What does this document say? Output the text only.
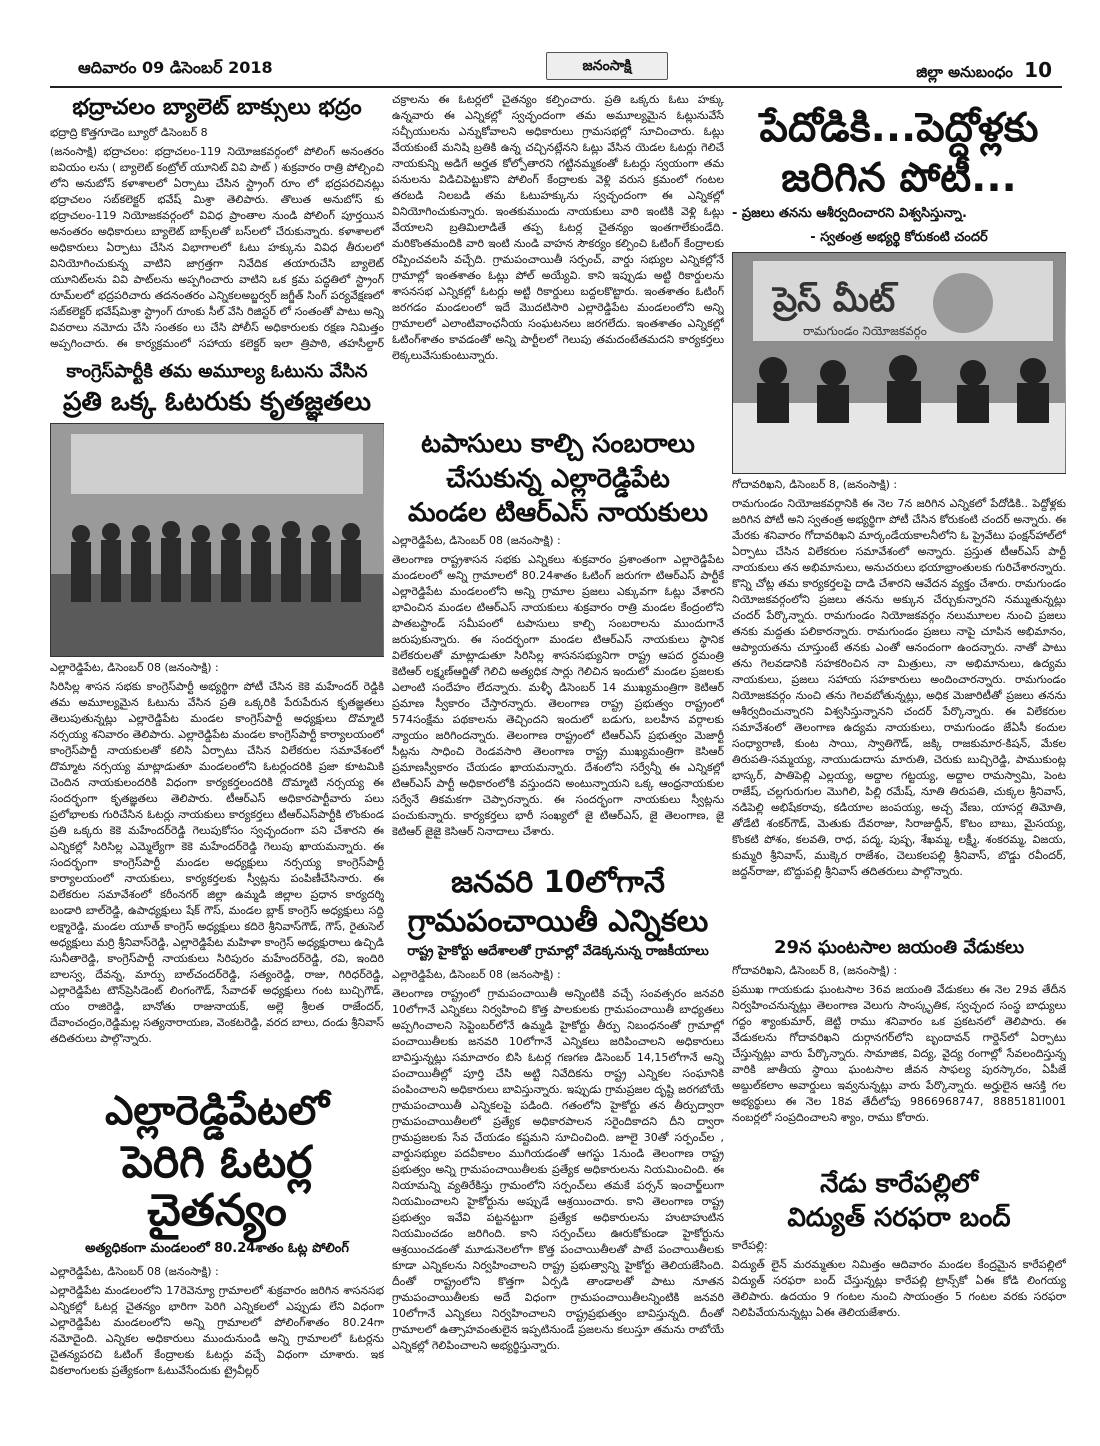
ఆదివారం 09 డిసెంబర్ 2018	జనంసాక్షి	జిల్లా అనుబంధం 10
భద్రాచలం బ్యాలెట్ బాక్సులు భద్రం
భద్రాద్రి కొత్తగూడెం బ్యూరో డిసెంబర్ 8

(జనంసాక్షి) భద్రాచలం: భద్రాచలం-119 నియోజకవర్గంలో పోలింగ్ అనంతరం ఐవియం లను ( బ్యాలెట్ కంట్రోల్ యూనిట్ వివి పాట్ ) శుక్రవారం రాత్రి పోల్చించి లోని అనుబోస్ కళాశాలలో ఏర్పాటు చేసిన స్ట్రాంగ్ రూం లో భద్రపరచినట్లు భద్రాచలం సబ్‌కలెక్టర్ భవేష్ మిశ్రా తెలిపారు. తొలుత అనుబోస్ కు భద్రాచలం-119 నియోజకవర్గంలో వివిధ ప్రాంతాల నుండి పోలింగ్ పూర్తయిన అనంతరం అధికారులు బ్యాలెట్ బాక్స్‌లతో బస్‌లలో చేరుకున్నారు. కళాశాలలో అధికారులు ఏర్పాటు చేసిన విభాగాలలో ఓటు హక్కును వివిధ తీరులలో వినియోగించుకున్న వాటిని జాగ్రత్తగా నివేదిక తయారుచేసి బ్యాలెట్ యూనిట్‌లను వివి పాట్‌లను అప్పగించారు వాటిని ఒక క్రమ పద్ధతిలో స్ట్రాంగ్ రూమ్‌లలో భద్రపరిచారు తదనంతరం ఎన్నికలఅబ్జర్వర్ జగ్జీత్ సింగ్ పర్యవేక్షణలో సబ్‌కలెక్టర్ భవేష్‌మిశ్రా స్ట్రాంగ్ రూంకు సీల్ వేసి రిజిస్టర్ లో సంతంతో పాటు అన్ని వివరాలు నమోదు చేసి సంతకం లు చేసి పోలీస్ అధికారులకు రక్షణ నిమిత్తం అప్పగించారు. ఈ కార్యక్రమంలో సహాయ కలెక్టర్ ఇలా త్రిపాఠి, తహసీల్దార్

కాంగ్రెస్‌పార్టీకి తమ అమూల్య ఓటును వేసిన
ప్రతి ఒక్క ఓటరుకు కృతజ్ఞతలు
ఎల్లారెడ్డిపేట, డిసెంబర్ 08 (జనంసాక్షి) :

సిరిసిల్ల శాసన సభకు కాంగ్రెస్‌పార్టీ అభ్యర్థిగా పోటీ చేసిన కెకె మహేందర్ రెడ్డికి తమ అమూల్యమైన ఓటును వేసిన ప్రతి ఒక్కరికి పేరుపేరున కృతజ్ఞతలు తెలుపుతున్నట్లు ఎల్లారెడ్డిపేట మండల కాంగ్రెస్‌పార్టీ అధ్యక్షులు దొమ్మాటి నర్సయ్య శనివారం తెలిపారు. ఎల్లారెడ్డిపేట మండల కాంగ్రెస్‌పార్టీ కార్యాలయంలో కాంగ్రెస్‌పార్టీ నాయకులతో కలిసి ఏర్పాటు చేసిన విలేకరుల సమావేశంలో దొమ్మాట నర్సయ్య మాట్లాడుతూ మండలంలోని ఓటర్లందరికి ప్రజా కూటమికి చెందిన నాయకులందరికి విధంగా కార్యకర్తలందరికి దొమ్మాటి నర్సయ్య ఈ సందర్భంగా కృతజ్ఞతలు తెలిపారు. టీఆర్‌ఎస్ అధికారపార్టీవారు పలు ప్రలోభాలకు గురిచేసిన ఓటర్లు నాయకులు కార్యకర్తలు టీఆర్‌ఎస్‌పార్టీకి లొంకుండ ప్రతి ఒక్కరు కెకె మహేందర్‌రెడ్డి గెలుపుకోసం స్వచ్ఛందంగా పని చేశారని ఈ ఎన్నికల్లో సిరిసిల్ల ఎమ్మెల్యేగా కెకె మహేందర్‌రెడ్డి గెలుపు ఖాయమన్నారు. ఈ సందర్భంగా కాంగ్రెస్‌పార్టీ మండల అధ్యక్షులు నర్సయ్య కాంగ్రెస్‌పార్టీ కార్యాలయంలో నాయకులు, కార్యకర్తలకు స్వీట్లను పంపిణీచేసినారు. ఈ విలేకరుల సమావేశంలో కరీంనగర్ జిల్లా ఉమ్మడి జిల్లాల ప్రధాన కార్యదర్శి బండారి బాల్‌రెడ్డి, ఉపాధ్యక్షులు షేక్ గౌస్, మండల బ్లాక్ కాంగ్రెస్ అధ్యక్షులు సద్ది లక్ష్మారెడ్డి, మండల యూత్ కాంగ్రెస్ అధ్యక్షులు కదిరె శ్రీనివాస్‌గౌడ్, గౌస్, రైతుసెల్ అధ్యక్షులు మర్రి శ్రీనివాస్‌రెడ్డి, ఎల్లారెడ్డిపేట మహిళా కాంగ్రెస్ అధ్యక్షురాలు ఉచ్చిడి సునీతారెడ్డి, కాంగ్రెస్‌పార్టీ నాయకులు సిరిపురం మహేందర్‌రెడ్డి, రవి, ఇందిరి బాలస్వ, దేవన్న, మార్పు బాల్‌చందర్‌రెడ్డి, సత్యంరెడ్డి, రాజు, గిరిధర్‌రెడ్డి, ఎల్లారెడ్డిపేట టౌన్‌ప్రెసిడెంట్ లింగంగౌడ్, సేవాదళ్ అధ్యక్షులు గంట బుచ్చిగౌడ్, యం రాజిరెడ్డి, బానోతు రాజునాయక్, అల్లె శ్రీలత రాజేందర్, దేవాంచంద్రం,రెడ్డిమల్ల సత్యనారాయణ, వెంకటరెడ్డి, వరద బాలు, దండు శ్రీనివాస్ తదితరులు పాల్గొన్నారు.

ఎల్లారెడ్డిపేటలో
పెరిగి ఓటర్ల చైతన్యం
అత్యధికంగా మండలంలో 80.24శాతం ఓట్ల పోలింగ్
ఎల్లారెడ్డిపేట, డిసెంబర్ 08 (జనంసాక్షి) :

ఎల్లారెడ్డిపేట మండలంలోని 17రెవెన్యూ గ్రామాలలో శుక్రవారం జరిగిన శాసనసభ ఎన్నికల్లో ఓటర్ల చైతన్యం భారిగా పెరిగి ఎన్నికలలో ఎప్పుడు లేని విధంగా ఎల్లారెడ్డిపేట మండలంలోని అన్ని గ్రామాలలో పోలింగ్‌శాతం 80.24గా నమోదైంది. ఎన్నికల అధికారులు ముందునుండి అన్ని గ్రామాలలో ఓటర్లను చైతన్యపరచి ఓటింగ్ కేంద్రాలకు ఓటర్లు వచ్చే విధంగా చూశారు. ఇక వికలాంగులకు ప్రత్యేకంగా ఓటువేసేందుకు ట్రైవీల్లర్

చక్రాలను ఈ ఓటర్లలో చైతన్యం కల్పించారు. ప్రతి ఒక్కరు ఓటు హక్కు ఉన్నవారు ఈ ఎన్నికల్లో స్వచ్ఛందంగా తమ అమూల్యమైన ఓట్లునువేసే సచ్చీయులను ఎన్నుకోవాలని అధికారులు గ్రామసభల్లో సూచించారు. ఓట్లు వేయకుంటే మనిషి బ్రతికి ఉన్న చచ్చినట్లేనని ఓట్లు వేసిన యెడల ఓటర్లు గెలిచే నాయకున్ని అడిగే అర్హత కోల్పోతారని గట్టినమ్మకంతో ఓటర్లు స్వయంగా తమ పనులను విడిచిపెట్టుకొని పోలింగ్ కేంద్రాలకు వెళ్లి వరుస క్రమంలో గంటల తరబడి నిలబడి తమ ఓటుహక్కును స్వచ్ఛందంగా ఈ ఎన్నికల్లో వినియోగించుకున్నారు. ఇంతకుముందు నాయకులు వారి ఇంటికి వెళ్లి ఓట్లు వేయాలని బ్రతిమిలాడితే తప్ప ఓటర్ల చైతన్యం ఇంతగాలేకుండేది. మరికొంతమందికి వారి ఇంటి నుండి వాహన సౌకర్యం కల్పించి ఓటింగ్ కేంద్రాలకు రప్పించవలసి వచ్చేది. గ్రామపంచాయితీ సర్పంచ్, వార్డు సభ్యుల ఎన్నికల్లోనే గ్రామాల్లో ఇంతశాతం ఓట్లు పోల్ అయ్యేవి. కాని ఇప్పుడు అట్టి రికార్డులను శాసనసభ ఎన్నికల్లో ఓటర్లు అట్టి రికార్డులు బద్దలకొట్టారు. ఇంతశాతం ఓటింగ్ జరగడం మండలంలో ఇదే మొదటిసారి ఎల్లారెడ్డిపేట మండలంలోని అన్ని గ్రామాలలో ఎలాంటివాంఛనీయ సంఘటనలు జరగలేదు. ఇంతశాతం ఎన్నికల్లో ఓటింగ్‌శాతం కావడంతో అన్ని పార్టీలలో గెలుపు తమదంటేతమదని కార్యకర్తలు లెక్కలువేసుకుంటున్నారు.

టపాసులు కాల్చి సంబరాలు
చేసుకున్న ఎల్లారెడ్డిపేట
మండల టిఆర్ఎస్ నాయకులు
ఎల్లారెడ్డిపేట, డిసెంబర్ 08 (జనంసాక్షి) :

తెలంగాణ రాష్ట్రశాసన సభకు ఎన్నికలు శుక్రవారం ప్రశాంతంగా ఎల్లారెడ్డిపేట మండలంలో అన్ని గ్రామాలలో 80.24శాతం ఓటింగ్ జరుగగా టిఆర్‌ఎస్ పార్టీకే ఎల్లారెడ్డిపేట మండలంలోని అన్ని గ్రామాల ప్రజలు ఎక్కువగా ఓట్లు వేశారని భావించిన మండల టిఆర్‌ఎస్ నాయకులు శుక్రవారం రాత్రి మండల కేంద్రంలోని పాతబస్టాండ్ సమీపంలో టపాసులు కాల్చి సంబరాలను ముందుగానే జరుపుకున్నారు. ఈ సందర్భంగా మండల టిఆర్‌ఎస్ నాయకులు స్థానిక విలేకరులతో మాట్లాడుతూ సిరిసిల్ల శాసనసభ్యునిగా రాష్ట్ర ఆపద ర్ధమంత్రి కెటిఆర్ లక్ష్మణ్‌ఆర్జితో గెలిచి అత్యధిక సార్లు గెలిచిన ఇందులో మండల ప్రజలకు ఎలాంటి సందేహం లేదన్నారు. మళ్ళీ డిసెంబర్ 14 ముఖ్యమంత్రిగా కెటిఆర్ ప్రమాణ స్వీకారం చేస్తారన్నారు. తెలంగాణ రాష్ట్ర ప్రభుత్వం రాష్ట్రంలో 574సంక్షేమ పథకాలను తెచ్చిందని ఇందులో బడుగు, బలహీన వర్గాలకు న్యాయం జరిగిందన్నారు. తెలంగాణ రాష్ట్రంలో టిఆర్‌ఎస్ ప్రభుత్వం మెజార్టీ సీట్లను సాధించి రెండవసారి తెలంగాణ రాష్ట్ర ముఖ్యమంత్రిగా కెసిఆర్ ప్రమాణస్వీకారం చేయడం ఖాయమన్నారు. దేశంలోని సర్వేన్నీ ఈ ఎన్నికల్లో టిఆర్‌ఎస్ పార్టీ అధికారంలోకి వస్తుందని అంటున్నాయని ఒక్క ఆంధ్రనాయకుల సర్వేనే తికమకగా చెప్పారన్నారు. ఈ సందర్భంగా నాయకులు స్వీట్లను పంచుకున్నారు. కార్యకర్తలు భారీ సంఖ్యలో జై టిఆర్‌ఎస్, జై తెలంగాణ, జై కెటిఆర్ జైజై కెసిఆర్ నినాదాలు చేశారు.

జనవరి 10లోగానే
గ్రామపంచాయితీ ఎన్నికలు
రాష్ట్ర హైకోర్టు ఆదేశాలతో గ్రామాల్లో వేడెక్కనున్న రాజకీయాలు
ఎల్లారెడ్డిపేట, డిసెంబర్ 08 (జనంసాక్షి) :

తెలంగాణ రాష్ట్రంలో గ్రామపంచాయితీ అన్నింటికి వచ్చే సంవత్సరం జనవరి 10లోగానే ఎన్నికలు నిర్వహించి కొత్త పాలకులకు గ్రామపంచాయితీ బాధ్యతలు అప్పగించాలని సెప్టెంబర్‌లోనే ఉమ్మడి హైకోర్టు తీర్పు నిబంధనంతో గ్రామాల్లో పంచాయితీలకు జనవరి 10లోగానే ఎన్నికలు జరిపించాలని అధికారులు బావిస్తున్నట్లు సమాచారం బిసి ఓటర్ల గణగణ డిసెంబర్ 14,15లోగానే అన్ని పంచాయితీల్లో పూర్తి చేసి అట్టి నివేదికను రాష్ట్ర ఎన్నికల సంఘానికి పంపించాలని అధికారులు బావిస్తున్నారు. ఇప్పుడు గ్రామప్రజల దృష్టి జరగబోయే గ్రామపంచాయితీ ఎన్నికలపై పడింది. గతంలోని హైకోర్టు తన తీర్పుద్వారా గ్రామపంచాయితీలలో ప్రత్యేక అధికారపాలన సరైందికాదని దీని ద్వారా గ్రామప్రజలకు సేవ చేయడం కష్టమని సూచించింది. జూలై 30తో సర్పంచ్‌ల , వార్డుసభ్యుల పదవీకాలం ముగియడంతో ఆగస్టు 1నుండి తెలంగాణ రాష్ట్ర ప్రభుత్వం అన్ని గ్రామపంచాయితీలకు ప్రత్యేక అధికారులను నియమించింది. ఈ నియామన్ని వ్యతిరేకిస్తు గ్రామంలోని సర్పంచ్‌లు తమకే పర్సన్ ఇంచార్జ్‌లుగా నియమించాలని హైకోర్టును అప్పుడే ఆశ్రయించారు. కాని తెలంగాణ రాష్ట్ర ప్రభుత్వం ఇవేవి పట్టనట్టుగా ప్రత్యేక అధికారులను హుటాహుటిన నియమించడం జరిగింది. కాని సర్పంచ్‌లు ఊరుకోకుండా హైకోర్టును ఆశ్రయించడంతో మూడునెలలోగా కొత్త పంచాయితీలతో పాటే పంచాయితీలకు కూడా ఎన్నికలను నిర్వహించాలని రాష్ట్ర ప్రభుత్వాన్ని హైకోర్టు తెలియజేసింది. దీంతో రాష్ట్రంలోని కొత్తగా ఏర్పడి తాండాలతో పాటు నూతన గ్రామపంచాయితీలకు అదే విధంగా గ్రామపంచాయితీలన్నింటికి జనవరి 10లోగానే ఎన్నికలు నిర్వహించాలని రాష్ట్రప్రభుత్వం బావిస్తున్నది. దీంతో గ్రామాలలో ఉత్సాహవంతులైన ఇప్పటినుండే ప్రజలను కలుస్తూ తమను రాబోయే ఎన్నికల్లో గెలిపించాలని అభ్యర్థిస్తున్నారు.

పేదోడికి...పెద్దోళ్లకు
జరిగిన పోటీ...
- ప్రజలు తనను ఆశీర్వదించారని విశ్వసిస్తున్నా.
- స్వతంత్ర అభ్యర్థి కోరుకంటి చందర్
ప్రెస్ మీట్
రామగుండం నియోజకవర్గం
గోదావరిఖని, డిసెంబర్ 8, (జనంసాక్షి) :

రామగుండం నియోజకవర్గానికి ఈ నెల 7న జరిగిన ఎన్నికలో పేదోడికి.. పెద్దోళ్లకు జరిగిన పోటీ అని స్వతంత్ర అభ్యర్థిగా పోటీ చేసిన కోరుకంటి చందర్ అన్నారు. ఈ మేరకు శనివారం గోదావరిఖని మార్కండేయకాలనీలోని ఓ ప్రైవేటు ఫంక్షన్‌హాల్‌లో ఏర్పాటు చేసిన విలేకరుల సమావేశంలో అన్నారు. ప్రస్తుత టీఆర్‌ఎస్ పార్టీ నాయకులు తన అభిమానులు, అనుచరులు భయాభ్రాంతులకు గురిచేశారన్నారు. కొన్ని చోట్ల తమ కార్యకర్తలపై దాడి చేశారని ఆవేదన వ్యక్తం చేశారు. రామగుండం నియోజకవర్గంలోని ప్రజలు తనను అక్కున చేర్చుకున్నారని నమ్ముతున్నట్లు చందర్ పేర్కొన్నారు. రామగుండం నియోజకవర్గం నలుమూలల నుంచి ప్రజలు తనకు మద్దతు పలికారన్నారు. రామగుండం ప్రజలు నాపై చూపిన అభిమానం, ఆప్యాయతను చూస్తుంటే తనకు ఎంతో ఆనందంగా ఉందన్నారు. నాతో పాటు తను గెలవడానికి సహకరించిన నా మిత్రులు, నా అభిమానులు, ఉద్యమ నాయకులు, ప్రజలు సహాయ సహకారులు అందించారన్నారు. రామగుండం నియోజకవర్గం నుంచి తను గెలవబోతున్నట్లు, అధిక మెజారిటీతో ప్రజలు తనను ఆశీర్వదించున్నారని విశ్వసిస్తున్నానని చందర్ పేర్కొన్నారు. ఈ విలేకరుల సమావేశంలో తెలంగాణ ఉద్యమ నాయకులు, రామగుండం జేఏసీ కందుల సంధ్యారాణి, కుంట సాయి, స్వాతిగౌడ్, జక్కి రాజకుమార-కిషన్, మేకల తిరుపతి-సమ్మయ్య, నాయుడుదాసు మారుతి, చెరుకు బుచ్చిరెడ్డి, పాముకుంట్ల భాస్కర్, పాతిపెల్లి ఎల్లయ్య, అద్దాల గట్టయ్య, అద్దాల రామస్వామి, పెంట రాజేష్, చల్లగురుగుల మొగిలి, పిల్లి రమేష్, నూతి తిరుపతి, చుక్కల శ్రీనివాస్, నడిపెల్లి అభిషేకరావు, కడియాల జంపయ్య, అచ్చ వేణు, యాసర్ల తిమోతి, తోడేటి శంకర్‌గౌడ్, మెతుకు దేవరాజు, సిరాజుద్దీన్, కొటం బాబు, మైసయ్య, కొంకటి పోశం, కలవతి, రాధ, పద్మ, పుష్ప, శేఖమ్మ, లక్ష్మీ, శంకరమ్మ, విజయ, కుమ్మరి శ్రీనివాస్, ముక్కెర రాజేశం, చెలుకలపల్లి శ్రీనివాస్, బొడ్డు రవీందర్, జద్దన్‌రాజు, బొద్దుపల్లి శ్రీనివాస్ తదితరులు పాల్గొన్నారు.

29న ఘంటసాల జయంతి వేడుకలు
గోదావరిఖని, డిసెంబర్ 8, (జనంసాక్షి) :

ప్రముఖ గాయకుడు ఘంటసాల 36వ జయంతి వేడుకలు ఈ నెల 29వ తేదీన నిర్వహించనున్నట్లు తెలంగాణ వెలుగు సాంస్కృతిక, స్వచ్ఛంద సంస్థ బాధ్యులు గద్దం శ్యాంకుమార్, జెట్టి రాము శనివారం ఒక ప్రకటనలో తెలిపారు. ఈ వేడుకలను గోదావరిఖని దుర్గానగర్‌లోని బృందావన్ గార్డెన్‌లో ఏర్పాటు చేస్తున్నట్లు వారు పేర్కొన్నారు. సామాజిక, విద్య, వైద్య రంగాల్లో సేవలందిస్తున్న వారికి జాతీయ స్థాయి ఘంటసాల జీవన సాఫల్య పురస్కారం, ఏపీజే అబ్దుల్‌కలాం అవార్డులు ఇవ్వనున్నట్లు వారు పేర్కొన్నారు. అర్హులైన ఆసక్తి గల అభ్యర్థులు ఈ నెల 18వ తేదీలోపు 9866968747, 8885181l001 నంబర్లలో సంప్రదించాలని శ్యాం, రాము కోరారు.

నేడు కారేపల్లిలో
విద్యుత్ సరఫరా బంద్
కారేపల్లి:

విద్యుత్ లైన్ మరమ్మతుల నిమిత్తం ఆదివారం మండల కేంద్రమైన కారేపల్లిలో విద్యుత్ సరఫరా బంద్ చేస్తున్నట్లు కారేపల్లి ట్రాన్స్‌కో ఏఈ కోడి లింగయ్య తెలిపారు. ఉదయం 9 గంటల నుంచి సాయంత్రం 5 గంటల వరకు సరఫరా నిలిపివేయనున్నట్లు ఏఈ తెలియజేశారు.
